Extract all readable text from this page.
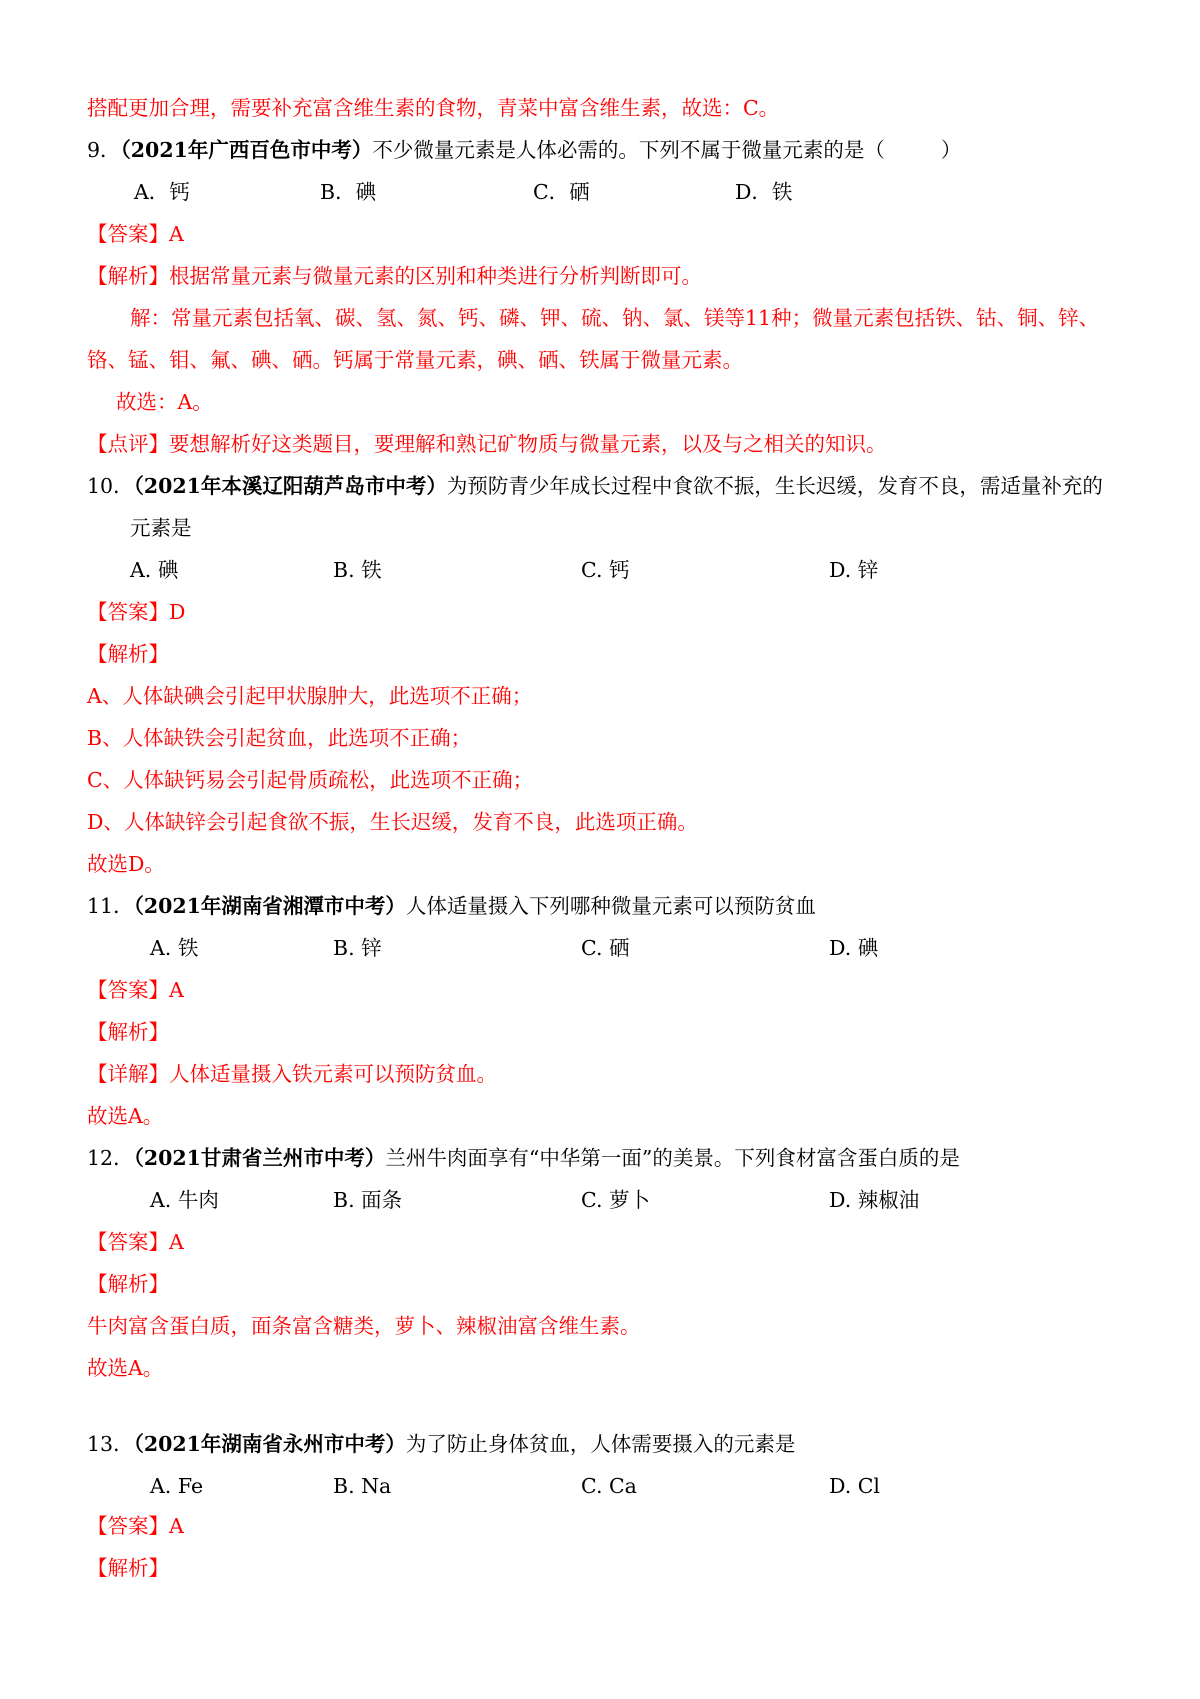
搭配更加合理，需要补充富含维生素的食物，青菜中富含维生素，故选：C。
9．（2021年广西百色市中考）不少微量元素是人体必需的。下列不属于微量元素的是（	）
A．钙	B．碘	C．硒	D．铁
【答案】A
【解析】根据常量元素与微量元素的区别和种类进行分析判断即可。
解：常量元素包括氧、碳、氢、氮、钙、磷、钾、硫、钠、氯、镁等11种；微量元素包括铁、钴、铜、锌、
铬、锰、钼、氟、碘、硒。钙属于常量元素，碘、硒、铁属于微量元素。
故选：A。
【点评】要想解析好这类题目，要理解和熟记矿物质与微量元素，以及与之相关的知识。
10．（2021年本溪辽阳葫芦岛市中考）为预防青少年成长过程中食欲不振，生长迟缓，发育不良，需适量补充的
元素是
A. 碘	B. 铁	C. 钙	D. 锌
【答案】D
【解析】
A、人体缺碘会引起甲状腺肿大，此选项不正确；
B、人体缺铁会引起贫血，此选项不正确；
C、人体缺钙易会引起骨质疏松，此选项不正确；
D、人体缺锌会引起食欲不振，生长迟缓，发育不良，此选项正确。
故选D。
11．（2021年湖南省湘潭市中考）人体适量摄入下列哪种微量元素可以预防贫血
A. 铁	B. 锌	C. 硒	D. 碘
【答案】A
【解析】
【详解】人体适量摄入铁元素可以预防贫血。
故选A。
12．（2021甘肃省兰州市中考）兰州牛肉面享有“中华第一面”的美景。下列食材富含蛋白质的是
A. 牛肉	B. 面条	C. 萝卜	D. 辣椒油
【答案】A
【解析】
牛肉富含蛋白质，面条富含糖类，萝卜、辣椒油富含维生素。
故选A。
13．（2021年湖南省永州市中考）为了防止身体贫血，人体需要摄入的元素是
A. Fe	B. Na	C. Ca	D. Cl
【答案】A
【解析】
